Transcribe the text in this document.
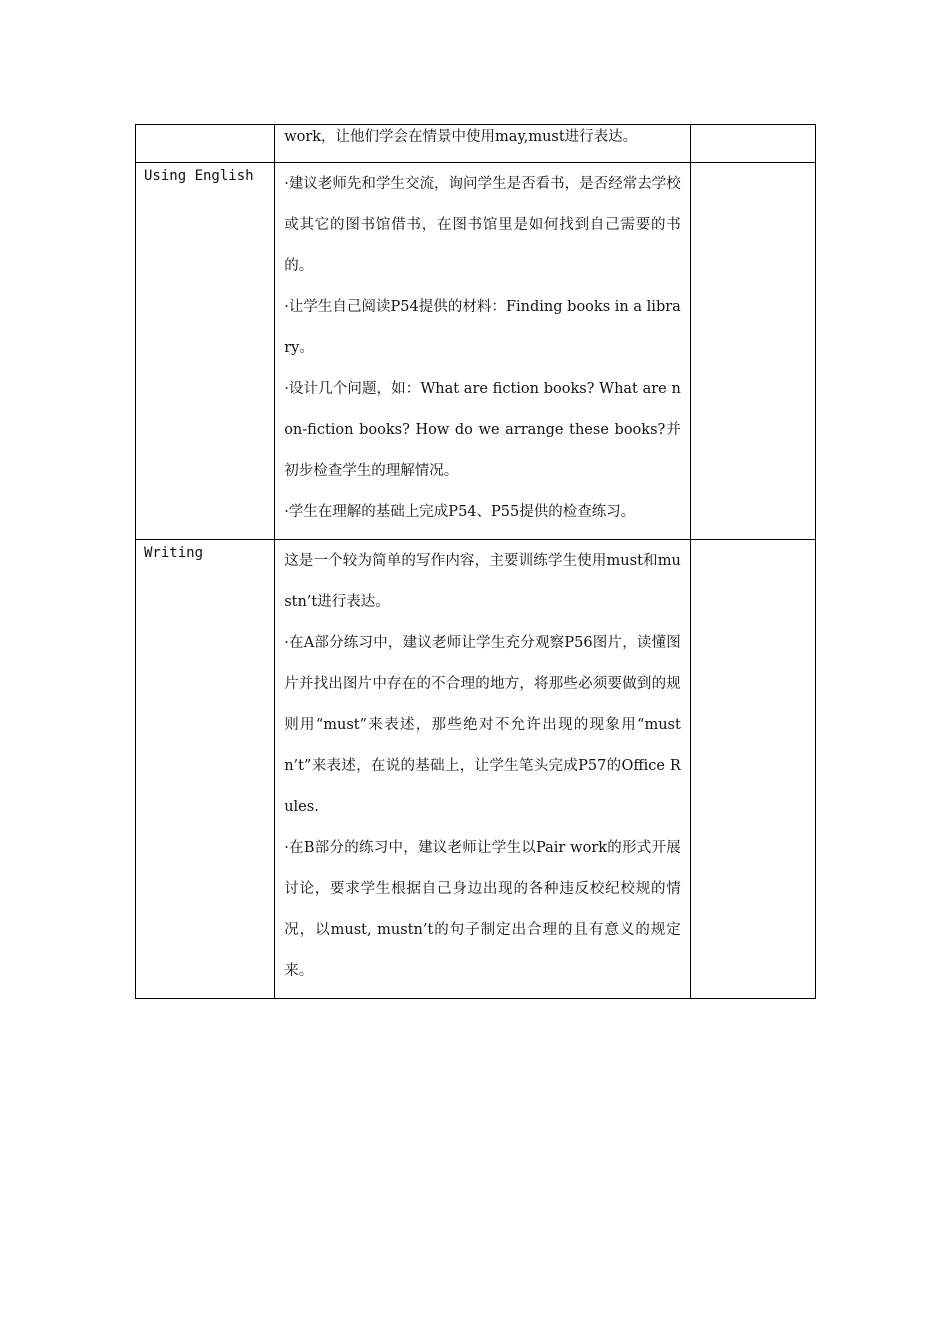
	work，让他们学会在情景中使用may,must进行表达。	

Using English	·建议老师先和学生交流，询问学生是否看书，是否经常去学校或其它的图书馆借书，在图书馆里是如何找到自己需要的书的。

·让学生自己阅读P54提供的材料：Finding books in a library。

·设计几个问题，如：What are fiction books? What are non-fiction books? How do we arrange these books?并初步检查学生的理解情况。

·学生在理解的基础上完成P54、P55提供的检查练习。	

Writing	这是一个较为简单的写作内容，主要训练学生使用must和mustn’t进行表达。

·在A部分练习中，建议老师让学生充分观察P56图片，读懂图片并找出图片中存在的不合理的地方，将那些必须要做到的规则用“must”来表述，那些绝对不允许出现的现象用“mustn’t”来表述，在说的基础上，让学生笔头完成P57的Office Rules.

·在B部分的练习中，建议老师让学生以Pair work的形式开展讨论，要求学生根据自己身边出现的各种违反校纪校规的情况，以must, mustn’t的句子制定出合理的且有意义的规定来。	
